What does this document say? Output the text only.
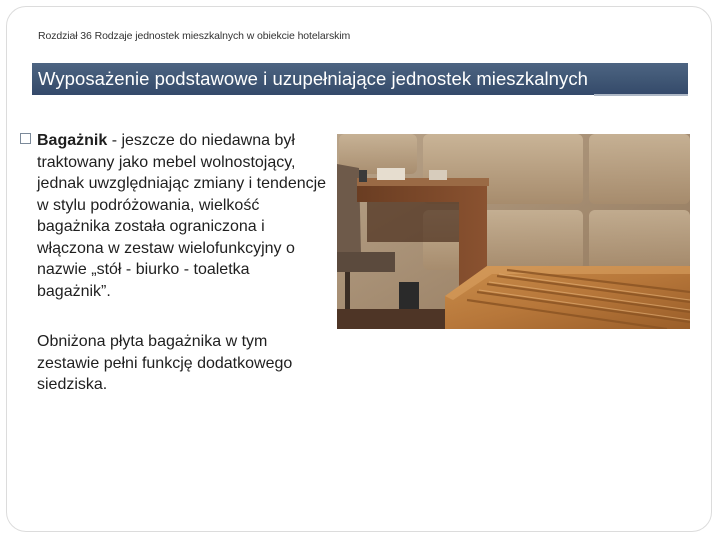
Rozdział 36 Rodzaje jednostek mieszkalnych w obiekcie hotelarskim
Wyposażenie podstawowe i uzupełniające jednostek mieszkalnych
Bagażnik - jeszcze do niedawna był traktowany jako mebel wolnostojący, jednak uwzględniając zmiany i tendencje w stylu podróżowania, wielkość bagażnika została ograniczona i włączona w zestaw wielofunkcyjny o nazwie „stół - biurko - toaletka bagażnik”.
Obniżona płyta bagażnika w tym zestawie pełni funkcję dodatkowego siedziska.
